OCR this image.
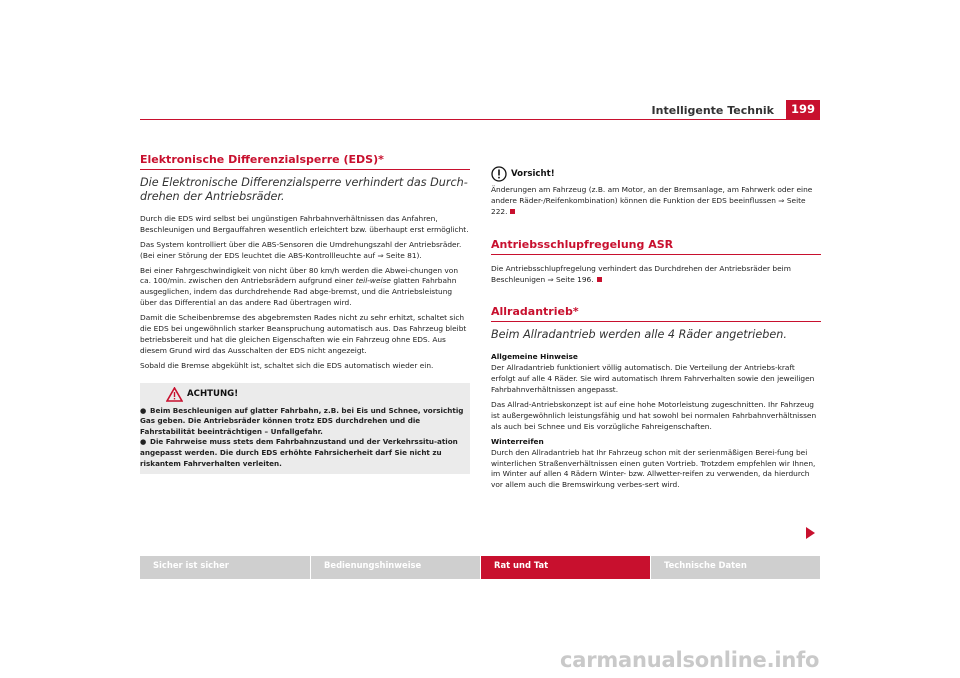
Intelligente Technik	199
Elektronische Differenzialsperre (EDS)*
Die Elektronische Differenzialsperre verhindert das Durch-drehen der Antriebsräder.

Durch die EDS wird selbst bei ungünstigen Fahrbahnverhältnissen das Anfahren, Beschleunigen und Bergauffahren wesentlich erleichtert bzw. überhaupt erst ermöglicht.

Das System kontrolliert über die ABS-Sensoren die Umdrehungszahl der Antriebsräder. (Bei einer Störung der EDS leuchtet die ABS-Kontrollleuchte auf ⇒ Seite 81).

Bei einer Fahrgeschwindigkeit von nicht über 80 km/h werden die Abwei-chungen von ca. 100/min. zwischen den Antriebsrädern aufgrund einer teil-weise glatten Fahrbahn ausgeglichen, indem das durchdrehende Rad abge-bremst, und die Antriebsleistung über das Differential an das andere Rad übertragen wird.

Damit die Scheibenbremse des abgebremsten Rades nicht zu sehr erhitzt, schaltet sich die EDS bei ungewöhnlich starker Beanspruchung automatisch aus. Das Fahrzeug bleibt betriebsbereit und hat die gleichen Eigenschaften wie ein Fahrzeug ohne EDS. Aus diesem Grund wird das Ausschalten der EDS nicht angezeigt.

Sobald die Bremse abgekühlt ist, schaltet sich die EDS automatisch wieder ein.

ACHTUNG!
● Beim Beschleunigen auf glatter Fahrbahn, z.B. bei Eis und Schnee, vorsichtig Gas geben. Die Antriebsräder können trotz EDS durchdrehen und die Fahrstabilität beeinträchtigen – Unfallgefahr.
● Die Fahrweise muss stets dem Fahrbahnzustand und der Verkehrssitu-ation angepasst werden. Die durch EDS erhöhte Fahrsicherheit darf Sie nicht zu riskantem Fahrverhalten verleiten.
Vorsicht!

Änderungen am Fahrzeug (z.B. am Motor, an der Bremsanlage, am Fahrwerk oder eine andere Räder-/Reifenkombination) können die Funktion der EDS beeinflussen ⇒ Seite 222.

Antriebsschlupfregelung ASR

Die Antriebsschlupfregelung verhindert das Durchdrehen der Antriebsräder beim Beschleunigen ⇒ Seite 196.

Allradantrieb*
Beim Allradantrieb werden alle 4 Räder angetrieben.
Allgemeine Hinweise

Der Allradantrieb funktioniert völlig automatisch. Die Verteilung der Antriebs-kraft erfolgt auf alle 4 Räder. Sie wird automatisch Ihrem Fahrverhalten sowie den jeweiligen Fahrbahnverhältnissen angepasst.

Das Allrad-Antriebskonzept ist auf eine hohe Motorleistung zugeschnitten. Ihr Fahrzeug ist außergewöhnlich leistungsfähig und hat sowohl bei normalen Fahrbahnverhältnissen als auch bei Schnee und Eis vorzügliche Fahreigenschaften.

Winterreifen

Durch den Allradantrieb hat Ihr Fahrzeug schon mit der serienmäßigen Berei-fung bei winterlichen Straßenverhältnissen einen guten Vortrieb. Trotzdem empfehlen wir Ihnen, im Winter auf allen 4 Rädern Winter- bzw. Allwetter-reifen zu verwenden, da hierdurch vor allem auch die Bremswirkung verbes-sert wird.

Sicher ist sicher	Bedienungshinweise	Rat und Tat	Technische Daten
carmanualsonline.info
